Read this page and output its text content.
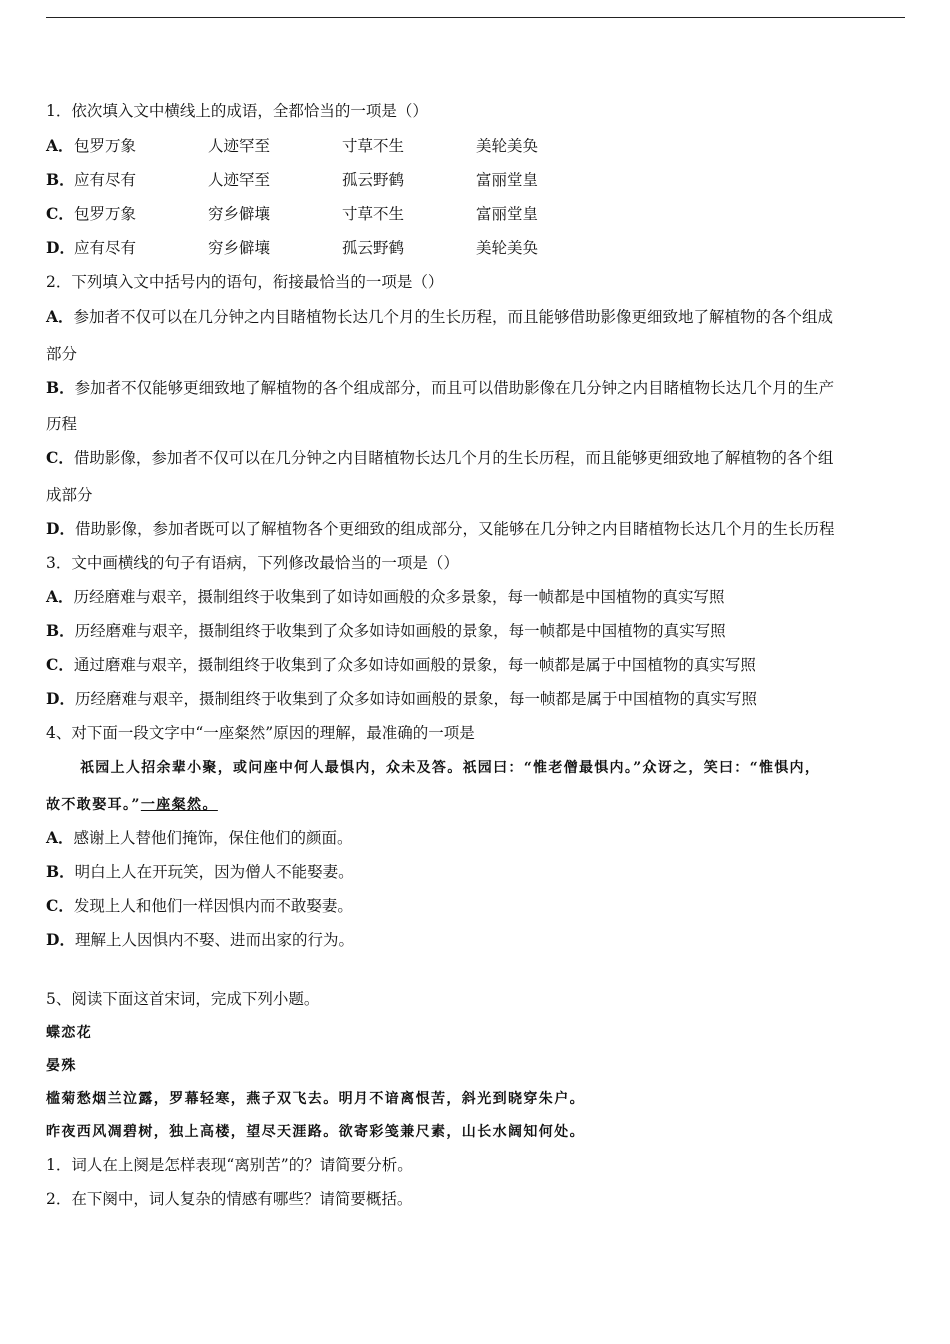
1．依次填入文中横线上的成语，全都恰当的一项是（）
A． 包罗万象	人迹罕至	寸草不生	美轮美奂
B． 应有尽有	人迹罕至	孤云野鹤	富丽堂皇
C． 包罗万象	穷乡僻壤	寸草不生	富丽堂皇
D． 应有尽有	穷乡僻壤	孤云野鹤	美轮美奂
2．下列填入文中括号内的语句，衔接最恰当的一项是（）
A．参加者不仅可以在几分钟之内目睹植物长达几个月的生长历程，而且能够借助影像更细致地了解植物的各个组成
部分
B．参加者不仅能够更细致地了解植物的各个组成部分，而且可以借助影像在几分钟之内目睹植物长达几个月的生产
历程
C．借助影像，参加者不仅可以在几分钟之内目睹植物长达几个月的生长历程，而且能够更细致地了解植物的各个组
成部分
D．借助影像，参加者既可以了解植物各个更细致的组成部分，又能够在几分钟之内目睹植物长达几个月的生长历程
3．文中画横线的句子有语病，下列修改最恰当的一项是（）
A．历经磨难与艰辛，摄制组终于收集到了如诗如画般的众多景象，每一帧都是中国植物的真实写照
B．历经磨难与艰辛，摄制组终于收集到了众多如诗如画般的景象，每一帧都是中国植物的真实写照
C．通过磨难与艰辛，摄制组终于收集到了众多如诗如画般的景象，每一帧都是属于中国植物的真实写照
D．历经磨难与艰辛，摄制组终于收集到了众多如诗如画般的景象，每一帧都是属于中国植物的真实写照
4、对下面一段文字中“一座粲然”原因的理解，最准确的一项是
祇园上人招余辈小聚，或问座中何人最惧内，众未及答。祇园曰：“惟老僧最惧内。”众讶之，笑曰：“惟惧内，
故不敢娶耳。”一座粲然。
A．感谢上人替他们掩饰，保住他们的颜面。
B．明白上人在开玩笑，因为僧人不能娶妻。
C．发现上人和他们一样因惧内而不敢娶妻。
D．理解上人因惧内不娶、进而出家的行为。
5、阅读下面这首宋词，完成下列小题。
蝶恋花
晏殊
槛菊愁烟兰泣露，罗幕轻寒，燕子双飞去。明月不谙离恨苦，斜光到晓穿朱户。
昨夜西风凋碧树，独上高楼，望尽天涯路。欲寄彩笺兼尺素，山长水阔知何处。
1．词人在上阕是怎样表现“离别苦”的？请简要分析。
2．在下阕中，词人复杂的情感有哪些？请简要概括。
